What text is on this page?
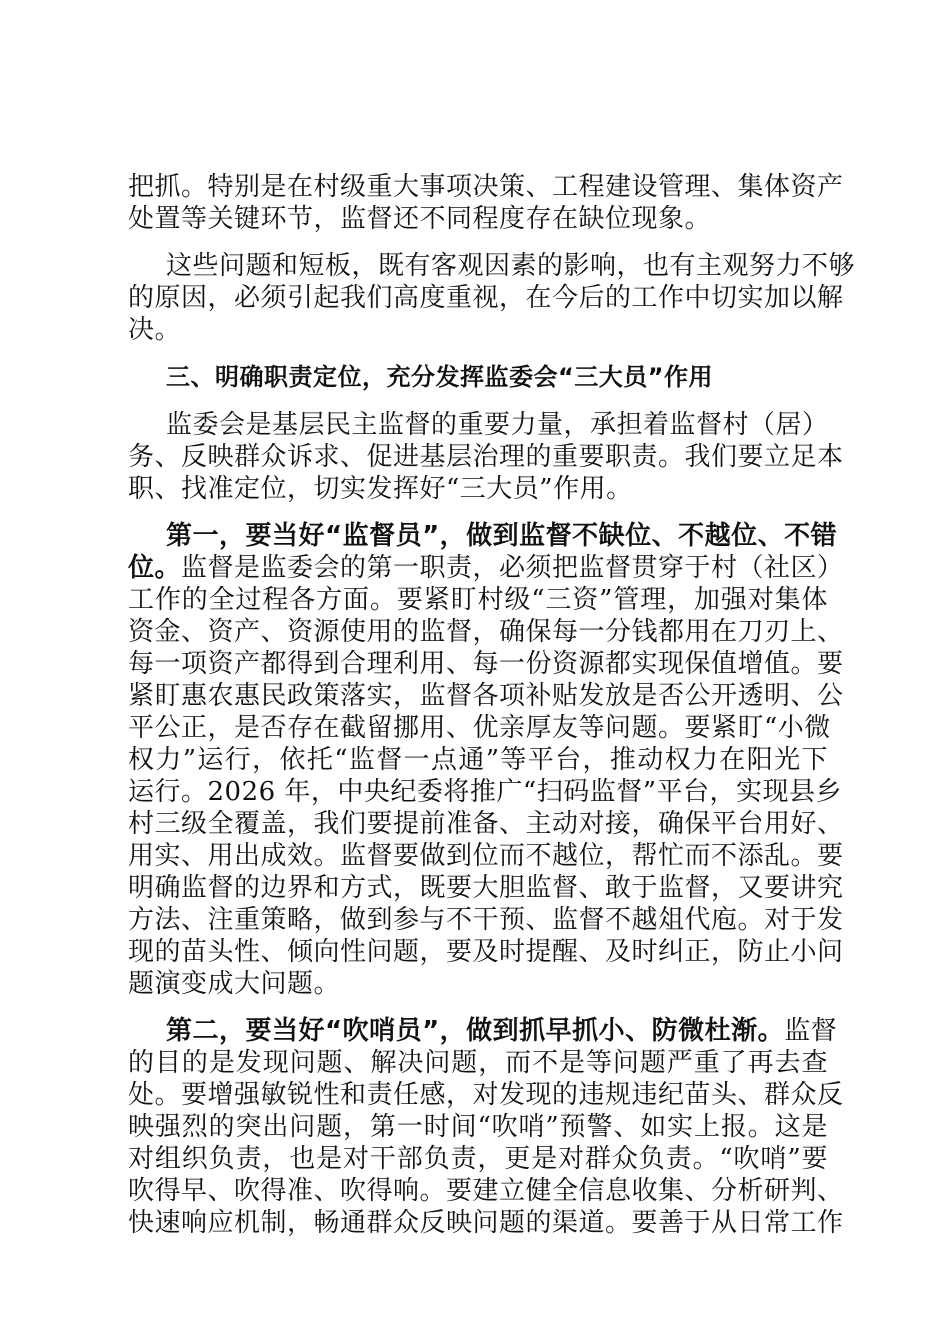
把抓。特别是在村级重大事项决策、工程建设管理、集体资产
处置等关键环节，监督还不同程度存在缺位现象。
这些问题和短板，既有客观因素的影响，也有主观努力不够
的原因，必须引起我们高度重视，在今后的工作中切实加以解
决。
三、明确职责定位，充分发挥监委会“三大员”作用
监委会是基层民主监督的重要力量，承担着监督村（居）
务、反映群众诉求、促进基层治理的重要职责。我们要立足本
职、找准定位，切实发挥好“三大员”作用。
第一，要当好“监督员”，做到监督不缺位、不越位、不错
位。监督是监委会的第一职责，必须把监督贯穿于村（社区）
工作的全过程各方面。要紧盯村级“三资”管理，加强对集体
资金、资产、资源使用的监督，确保每一分钱都用在刀刃上、
每一项资产都得到合理利用、每一份资源都实现保值增值。要
紧盯惠农惠民政策落实，监督各项补贴发放是否公开透明、公
平公正，是否存在截留挪用、优亲厚友等问题。要紧盯“小微
权力”运行，依托“监督一点通”等平台，推动权力在阳光下
运行。2026 年，中央纪委将推广“扫码监督”平台，实现县乡
村三级全覆盖，我们要提前准备、主动对接，确保平台用好、
用实、用出成效。监督要做到位而不越位，帮忙而不添乱。要
明确监督的边界和方式，既要大胆监督、敢于监督，又要讲究
方法、注重策略，做到参与不干预、监督不越俎代庖。对于发
现的苗头性、倾向性问题，要及时提醒、及时纠正，防止小问
题演变成大问题。
第二，要当好“吹哨员”，做到抓早抓小、防微杜渐。监督
的目的是发现问题、解决问题，而不是等问题严重了再去查
处。要增强敏锐性和责任感，对发现的违规违纪苗头、群众反
映强烈的突出问题，第一时间“吹哨”预警、如实上报。这是
对组织负责，也是对干部负责，更是对群众负责。“吹哨”要
吹得早、吹得准、吹得响。要建立健全信息收集、分析研判、
快速响应机制，畅通群众反映问题的渠道。要善于从日常工作
